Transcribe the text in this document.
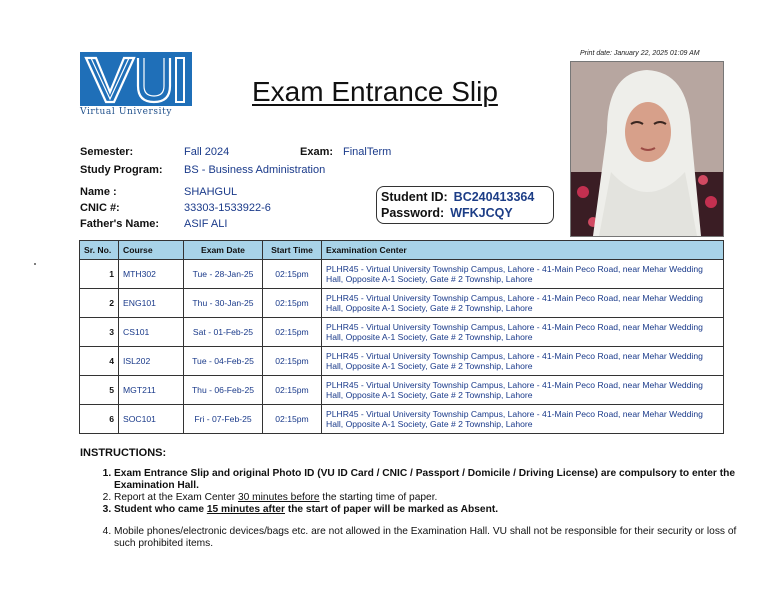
Virtual University
Exam Entrance Slip
Print date: January 22, 2025 01:09 AM
Semester:	Fall 2024	Exam: FinalTerm
Study Program: BS - Business Administration
Name :	SHAHGUL
CNIC #:	33303-1533922-6
Father's Name: ASIF ALI
Student ID: BC240413364
Password: WFKJCQY
Sr. No.	Course	Exam Date	Start Time	Examination Center
1	MTH302	Tue - 28-Jan-25	02:15pm	PLHR45 - Virtual University Township Campus, Lahore - 41-Main Peco Road, near Mehar Wedding Hall, Opposite A-1 Society, Gate # 2 Township, Lahore
2	ENG101	Thu - 30-Jan-25	02:15pm	PLHR45 - Virtual University Township Campus, Lahore - 41-Main Peco Road, near Mehar Wedding Hall, Opposite A-1 Society, Gate # 2 Township, Lahore
3	CS101	Sat - 01-Feb-25	02:15pm	PLHR45 - Virtual University Township Campus, Lahore - 41-Main Peco Road, near Mehar Wedding Hall, Opposite A-1 Society, Gate # 2 Township, Lahore
4	ISL202	Tue - 04-Feb-25	02:15pm	PLHR45 - Virtual University Township Campus, Lahore - 41-Main Peco Road, near Mehar Wedding Hall, Opposite A-1 Society, Gate # 2 Township, Lahore
5	MGT211	Thu - 06-Feb-25	02:15pm	PLHR45 - Virtual University Township Campus, Lahore - 41-Main Peco Road, near Mehar Wedding Hall, Opposite A-1 Society, Gate # 2 Township, Lahore
6	SOC101	Fri - 07-Feb-25	02:15pm	PLHR45 - Virtual University Township Campus, Lahore - 41-Main Peco Road, near Mehar Wedding Hall, Opposite A-1 Society, Gate # 2 Township, Lahore
INSTRUCTIONS:
1. Exam Entrance Slip and original Photo ID (VU ID Card / CNIC / Passport / Domicile / Driving License) are compulsory to enter the Examination Hall.
2. Report at the Exam Center 30 minutes before the starting time of paper.
3. Student who came 15 minutes after the start of paper will be marked as Absent.
4. Mobile phones/electronic devices/bags etc. are not allowed in the Examination Hall. VU shall not be responsible for their security or loss of such prohibited items.
